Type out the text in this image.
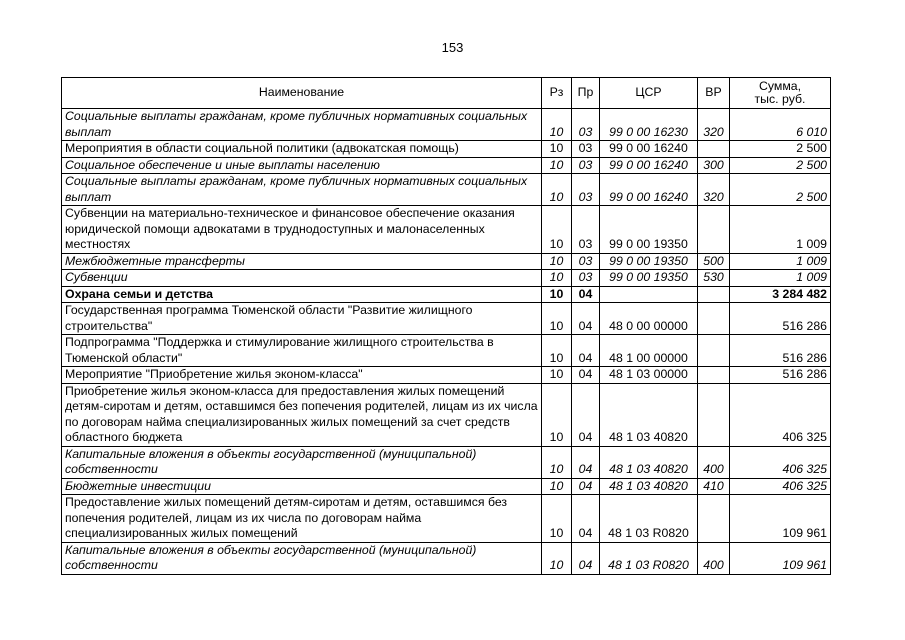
153
Наименование	Рз	Пр	ЦСР	ВР	Сумма,
тыс. руб.
Социальные выплаты гражданам, кроме публичных нормативных социальных выплат	10	03	99 0 00 16230	320	6 010
Мероприятия в области социальной политики (адвокатская помощь)	10	03	99 0 00 16240		2 500
Социальное обеспечение и иные выплаты населению	10	03	99 0 00 16240	300	2 500
Социальные выплаты гражданам, кроме публичных нормативных социальных выплат	10	03	99 0 00 16240	320	2 500
Субвенции на материально-техническое и финансовое обеспечение оказания юридической помощи адвокатами в труднодоступных и малонаселенных местностях	10	03	99 0 00 19350		1 009
Межбюджетные трансферты	10	03	99 0 00 19350	500	1 009
Субвенции	10	03	99 0 00 19350	530	1 009
Охрана семьи и детства	10	04			3 284 482
Государственная программа Тюменской области "Развитие жилищного строительства"	10	04	48 0 00 00000		516 286
Подпрограмма "Поддержка и стимулирование жилищного строительства в Тюменской области"	10	04	48 1 00 00000		516 286
Мероприятие "Приобретение жилья эконом-класса"	10	04	48 1 03 00000		516 286
Приобретение жилья эконом-класса для предоставления жилых помещений детям-сиротам и детям, оставшимся без попечения родителей, лицам из их числа по договорам найма специализированных жилых помещений за счет средств областного бюджета	10	04	48 1 03 40820		406 325
Капитальные вложения в объекты государственной (муниципальной) собственности	10	04	48 1 03 40820	400	406 325
Бюджетные инвестиции	10	04	48 1 03 40820	410	406 325
Предоставление жилых помещений детям-сиротам и детям, оставшимся без попечения родителей, лицам из их числа по договорам найма специализированных жилых помещений	10	04	48 1 03 R0820		109 961
Капитальные вложения в объекты государственной (муниципальной) собственности	10	04	48 1 03 R0820	400	109 961
